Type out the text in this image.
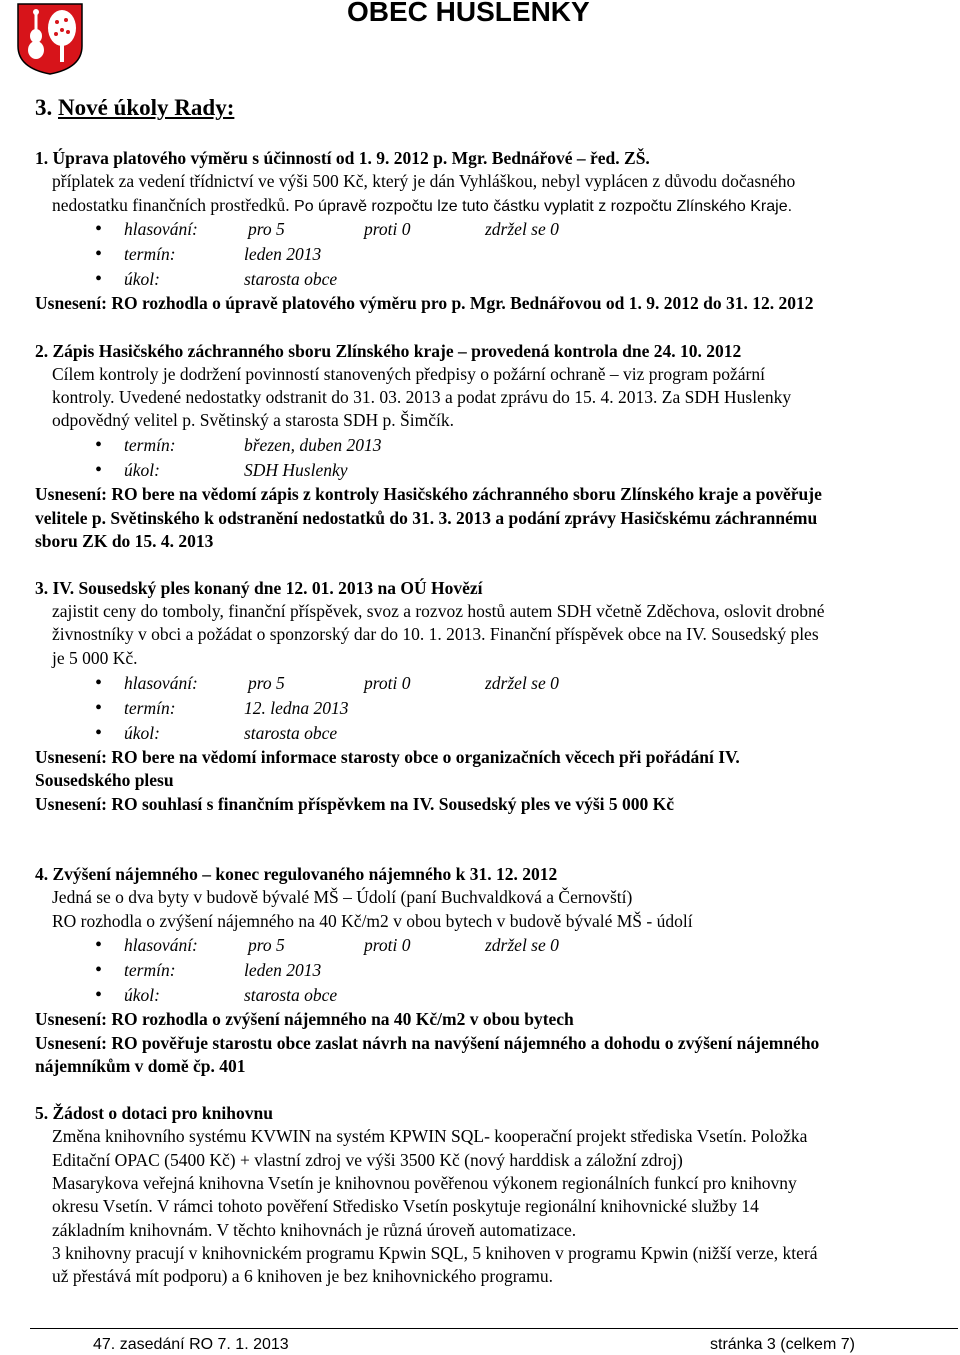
OBEC HUSLENKY
3. Nové úkoly Rady:
1. Úprava platového výměru s účinností od 1. 9. 2012 p. Mgr. Bednářové – řed. ZŠ.
příplatek za vedení třídnictví ve výši 500 Kč, který je dán Vyhláškou, nebyl vyplácen z důvodu dočasného
nedostatku finančních prostředků. Po úpravě rozpočtu lze tuto částku vyplatit z rozpočtu Zlínského Kraje.
• hlasování:	pro 5	proti 0	zdržel se 0
• termín:	leden 2013
• úkol:	starosta obce
Usnesení: RO rozhodla o úpravě platového výměru pro p. Mgr. Bednářovou od 1. 9. 2012 do 31. 12. 2012
2. Zápis Hasičského záchranného sboru Zlínského kraje – provedená kontrola dne 24. 10. 2012
Cílem kontroly je dodržení povinností stanovených předpisy o požární ochraně – viz program požární
kontroly. Uvedené nedostatky odstranit do 31. 03. 2013 a podat zprávu do 15. 4. 2013. Za SDH Huslenky
odpovědný velitel p. Světinský a starosta SDH p. Šimčík.
• termín:	březen, duben 2013
• úkol:	SDH Huslenky
Usnesení: RO bere na vědomí zápis z kontroly Hasičského záchranného sboru Zlínského kraje a pověřuje
velitele p. Světinského k odstranění nedostatků do 31. 3. 2013 a podání zprávy Hasičskému záchrannému
sboru ZK do 15. 4. 2013
3. IV. Sousedský ples konaný dne 12. 01. 2013 na OÚ Hovězí
zajistit ceny do tomboly, finanční příspěvek, svoz a rozvoz hostů autem SDH včetně Zděchova, oslovit drobné
živnostníky v obci a požádat o sponzorský dar do 10. 1. 2013. Finanční příspěvek obce na IV. Sousedský ples
je 5 000 Kč.
• hlasování:	pro 5	proti 0	zdržel se 0
• termín:	12. ledna 2013
• úkol:	starosta obce
Usnesení: RO bere na vědomí informace starosty obce o organizačních věcech při pořádání IV.
Sousedského plesu
Usnesení: RO souhlasí s finančním příspěvkem na IV. Sousedský ples ve výši 5 000 Kč
4. Zvýšení nájemného – konec regulovaného nájemného k 31. 12. 2012
Jedná se o dva byty v budově bývalé MŠ – Údolí (paní Buchvaldková a Černovští)
RO rozhodla o zvýšení nájemného na 40 Kč/m2 v obou bytech v budově bývalé MŠ - údolí
• hlasování:	pro 5	proti 0	zdržel se 0
• termín:	leden 2013
• úkol:	starosta obce
Usnesení: RO rozhodla o zvýšení nájemného na 40 Kč/m2 v obou bytech
Usnesení: RO pověřuje starostu obce zaslat návrh na navýšení nájemného a dohodu o zvýšení nájemného
nájemníkům v domě čp. 401
5. Žádost o dotaci pro knihovnu
Změna knihovního systému KVWIN na systém KPWIN SQL- kooperační projekt střediska Vsetín. Položka
Editační OPAC (5400 Kč) + vlastní zdroj ve výši 3500 Kč (nový harddisk a záložní zdroj)
Masarykova veřejná knihovna Vsetín je knihovnou pověřenou výkonem regionálních funkcí pro knihovny
okresu Vsetín. V rámci tohoto pověření Středisko Vsetín poskytuje regionální knihovnické služby 14
základním knihovnám. V těchto knihovnách je různá úroveň automatizace.
3 knihovny pracují v knihovnickém programu Kpwin SQL, 5 knihoven v programu Kpwin (nižší verze, která
už přestává mít podporu) a 6 knihoven je bez knihovnického programu.
47. zasedání RO 7. 1. 2013	stránka 3 (celkem 7)
